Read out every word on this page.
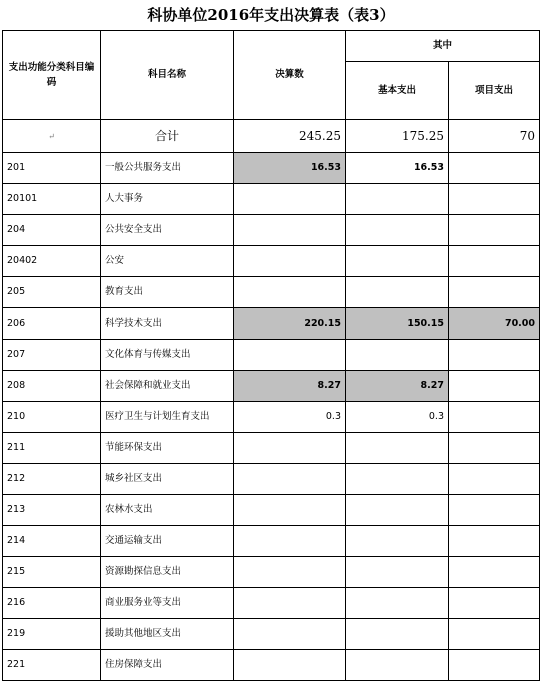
科协单位2016年支出决算表（表3）
支出功能分类科目编码	科目名称	决算数	其中	
			基本支出	项目支出
↵	合计	245.25	175.25	70
201	一般公共服务支出	16.53	16.53	
20101	人大事务			
204	公共安全支出			
20402	公安			
205	教育支出			
206	科学技术支出	220.15	150.15	70.00
207	文化体育与传媒支出			
208	社会保障和就业支出	8.27	8.27	
210	医疗卫生与计划生育支出	0.3	0.3	
211	节能环保支出			
212	城乡社区支出			
213	农林水支出			
214	交通运输支出			
215	资源勘探信息支出			
216	商业服务业等支出			
219	援助其他地区支出			
221	住房保障支出			
